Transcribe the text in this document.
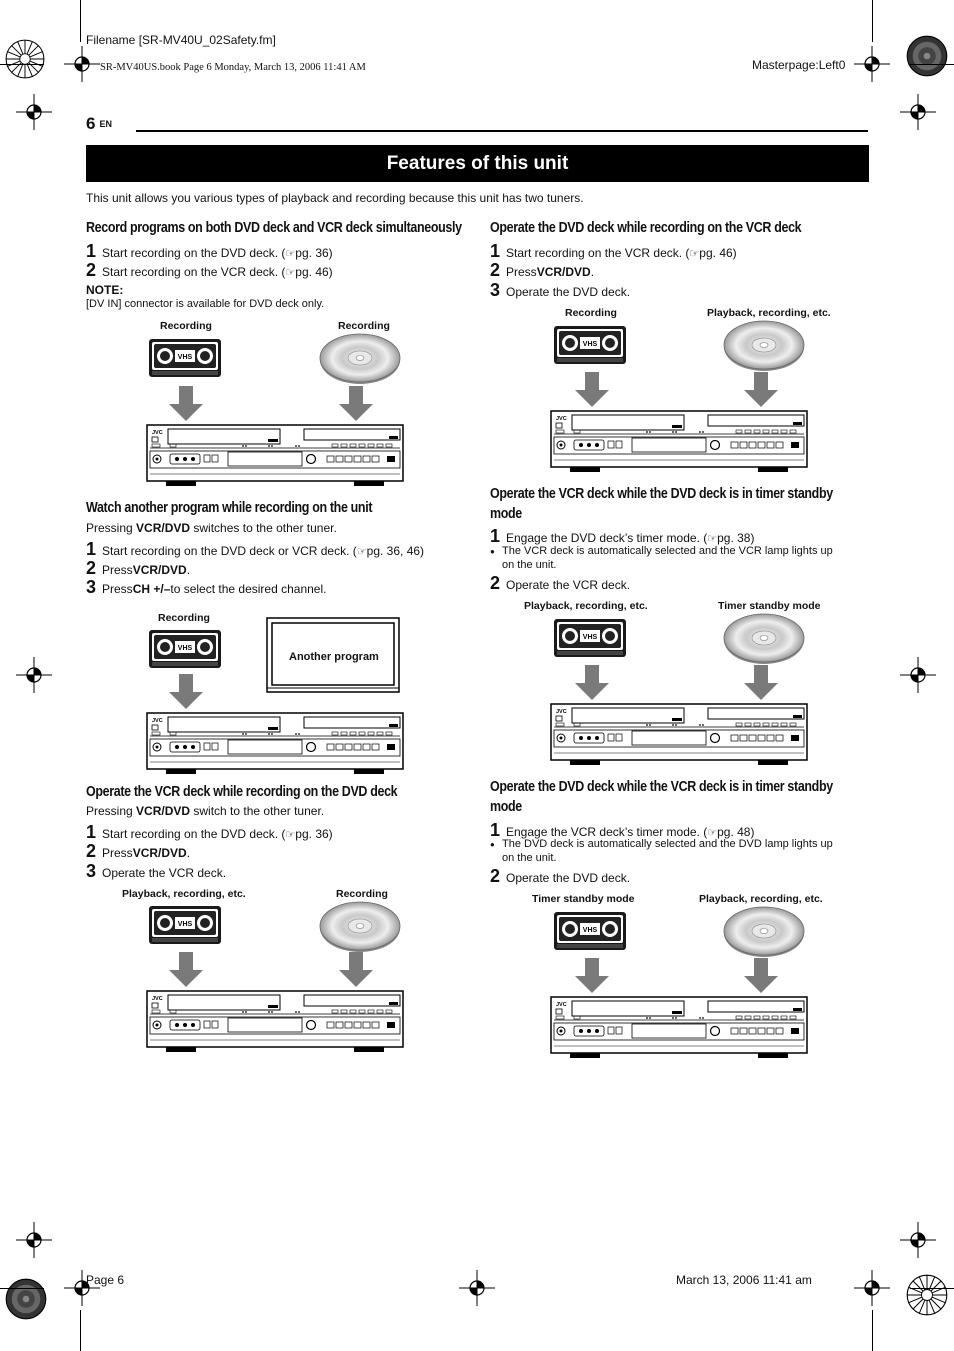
Filename [SR-MV40U_02Safety.fm]
SR-MV40US.book Page 6 Monday, March 13, 2006 11:41 AM	Masterpage:Left0
6 EN
Features of this unit
This unit allows you various types of playback and recording because this unit has two tuners.
Record programs on both DVD deck and VCR deck simultaneously
1 Start recording on the DVD deck. ( ☞ pg. 36)
2 Start recording on the VCR deck. ( ☞ pg. 46)
NOTE:
[DV IN] connector is available for DVD deck only.
Recording	Recording
Watch another program while recording on the unit
Pressing VCR/DVD switches to the other tuner.
1 Start recording on the DVD deck or VCR deck. ( ☞ pg. 36, 46)
2 Press VCR/DVD .
3 Press CH +/– to select the desired channel.
Recording
Another program
Operate the VCR deck while recording on the DVD deck
Pressing VCR/DVD switch to the other tuner.
1 Start recording on the DVD deck. ( ☞ pg. 36)
2 Press VCR/DVD .
3 Operate the VCR deck.
Playback, recording, etc.	Recording
Operate the DVD deck while recording on the VCR deck
1 Start recording on the VCR deck. ( ☞ pg. 46)
2 Press VCR/DVD .
3 Operate the DVD deck.
Recording	Playback, recording, etc.
Operate the VCR deck while the DVD deck is in timer standby
mode
1 Engage the DVD deck’s timer mode. ( ☞ pg. 38)
● The VCR deck is automatically selected and the VCR lamp lights up
on the unit.
2 Operate the VCR deck.
Playback, recording, etc.	Timer standby mode
Operate the DVD deck while the VCR deck is in timer standby
mode
1 Engage the VCR deck’s timer mode. ( ☞ pg. 48)
● The DVD deck is automatically selected and the DVD lamp lights up
on the unit.
2 Operate the DVD deck.
Timer standby mode	Playback, recording, etc.
Page 6	March 13, 2006 11:41 am
